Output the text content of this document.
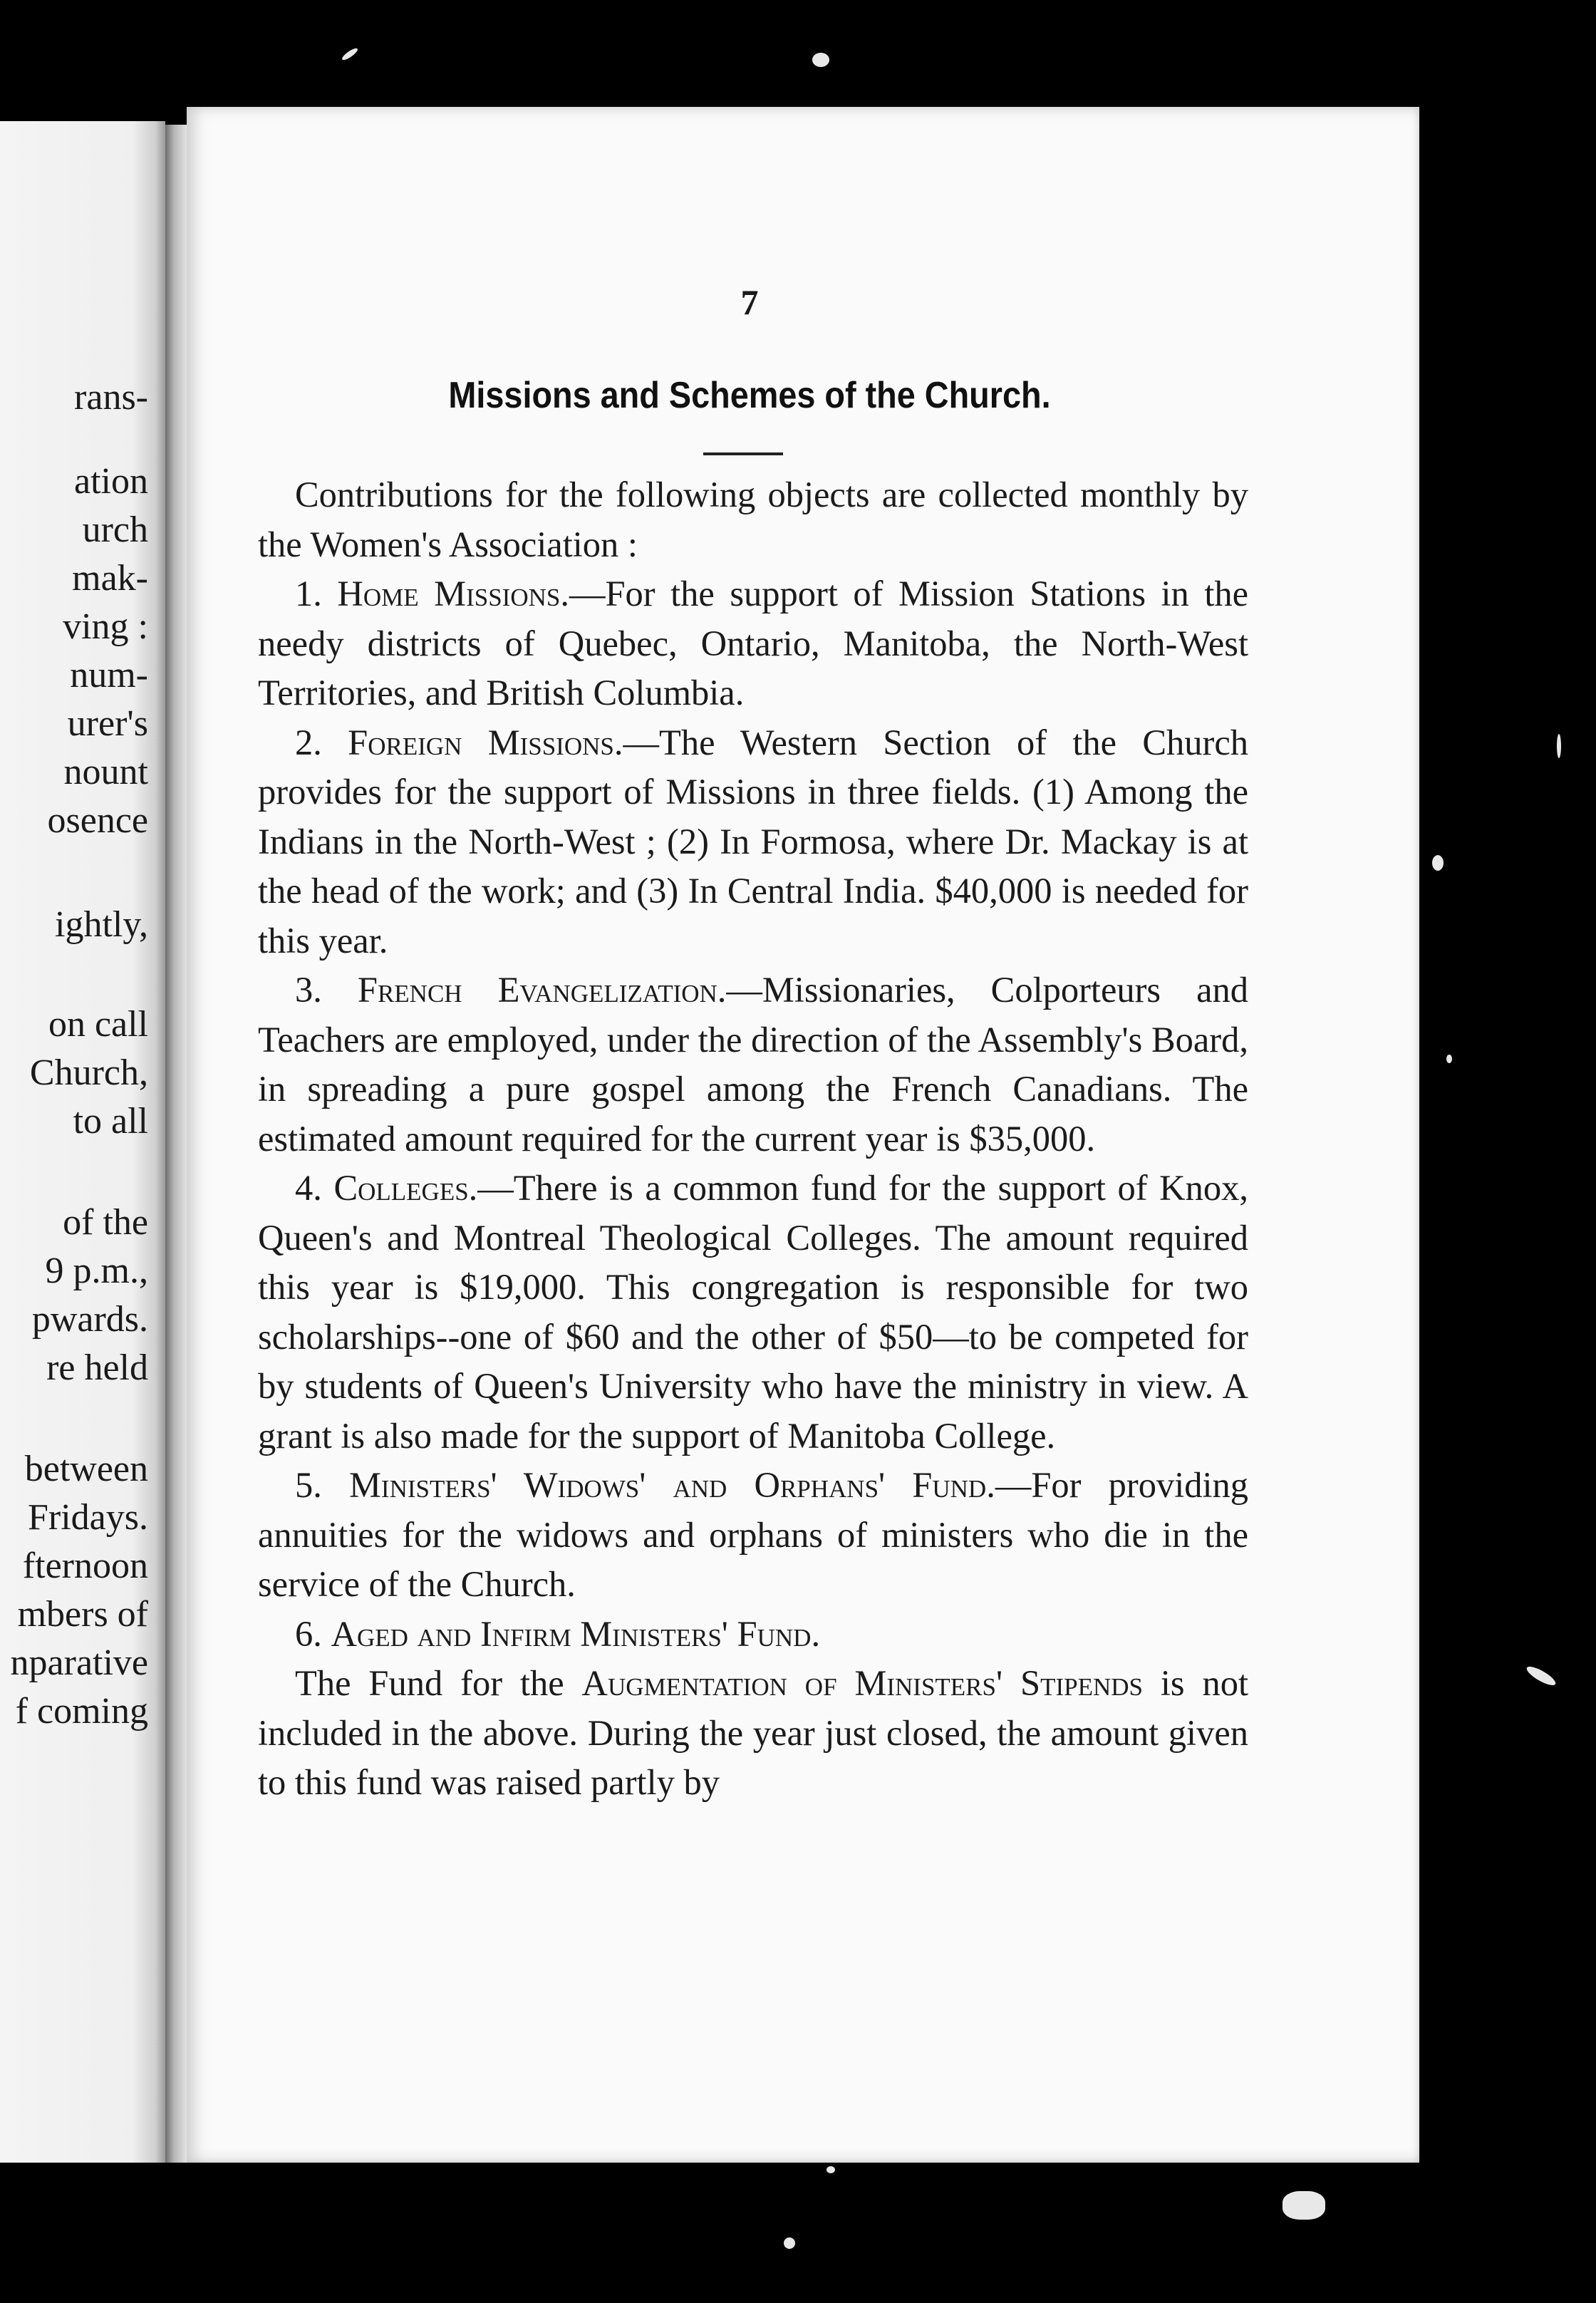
rans-
ation
urch
mak-
ving :
num-
urer's
nount
osence
ightly,
on call
Church,
to all
of the
9 p.m.,
pwards.
re held
between
Fridays.
fternoon
mbers of
nparative
f coming
7
Missions and Schemes of the Church.

Contributions for the following objects are collected monthly by the Women's Association :

1. Home Missions.—For the support of Mission Stations in the needy districts of Quebec, Ontario, Manitoba, the North-West Territories, and British Columbia.

2. Foreign Missions.—The Western Section of the Church provides for the support of Missions in three fields. (1) Among the Indians in the North-West ; (2) In Formosa, where Dr. Mackay is at the head of the work; and (3) In Central India. $40,000 is needed for this year.

3. French Evangelization.—Missionaries, Colporteurs and Teachers are employed, under the direction of the Assembly's Board, in spreading a pure gospel among the French Canadians. The estimated amount required for the current year is $35,000.

4. Colleges.—There is a common fund for the support of Knox, Queen's and Montreal Theological Colleges. The amount required this year is $19,000. This congregation is responsible for two scholarships--one of $60 and the other of $50—to be competed for by students of Queen's University who have the ministry in view. A grant is also made for the support of Manitoba College.

5. Ministers' Widows' and Orphans' Fund.—For providing annuities for the widows and orphans of ministers who die in the service of the Church.

6. Aged and Infirm Ministers' Fund.

The Fund for the Augmentation of Ministers' Stipends is not included in the above. During the year just closed, the amount given to this fund was raised partly by
